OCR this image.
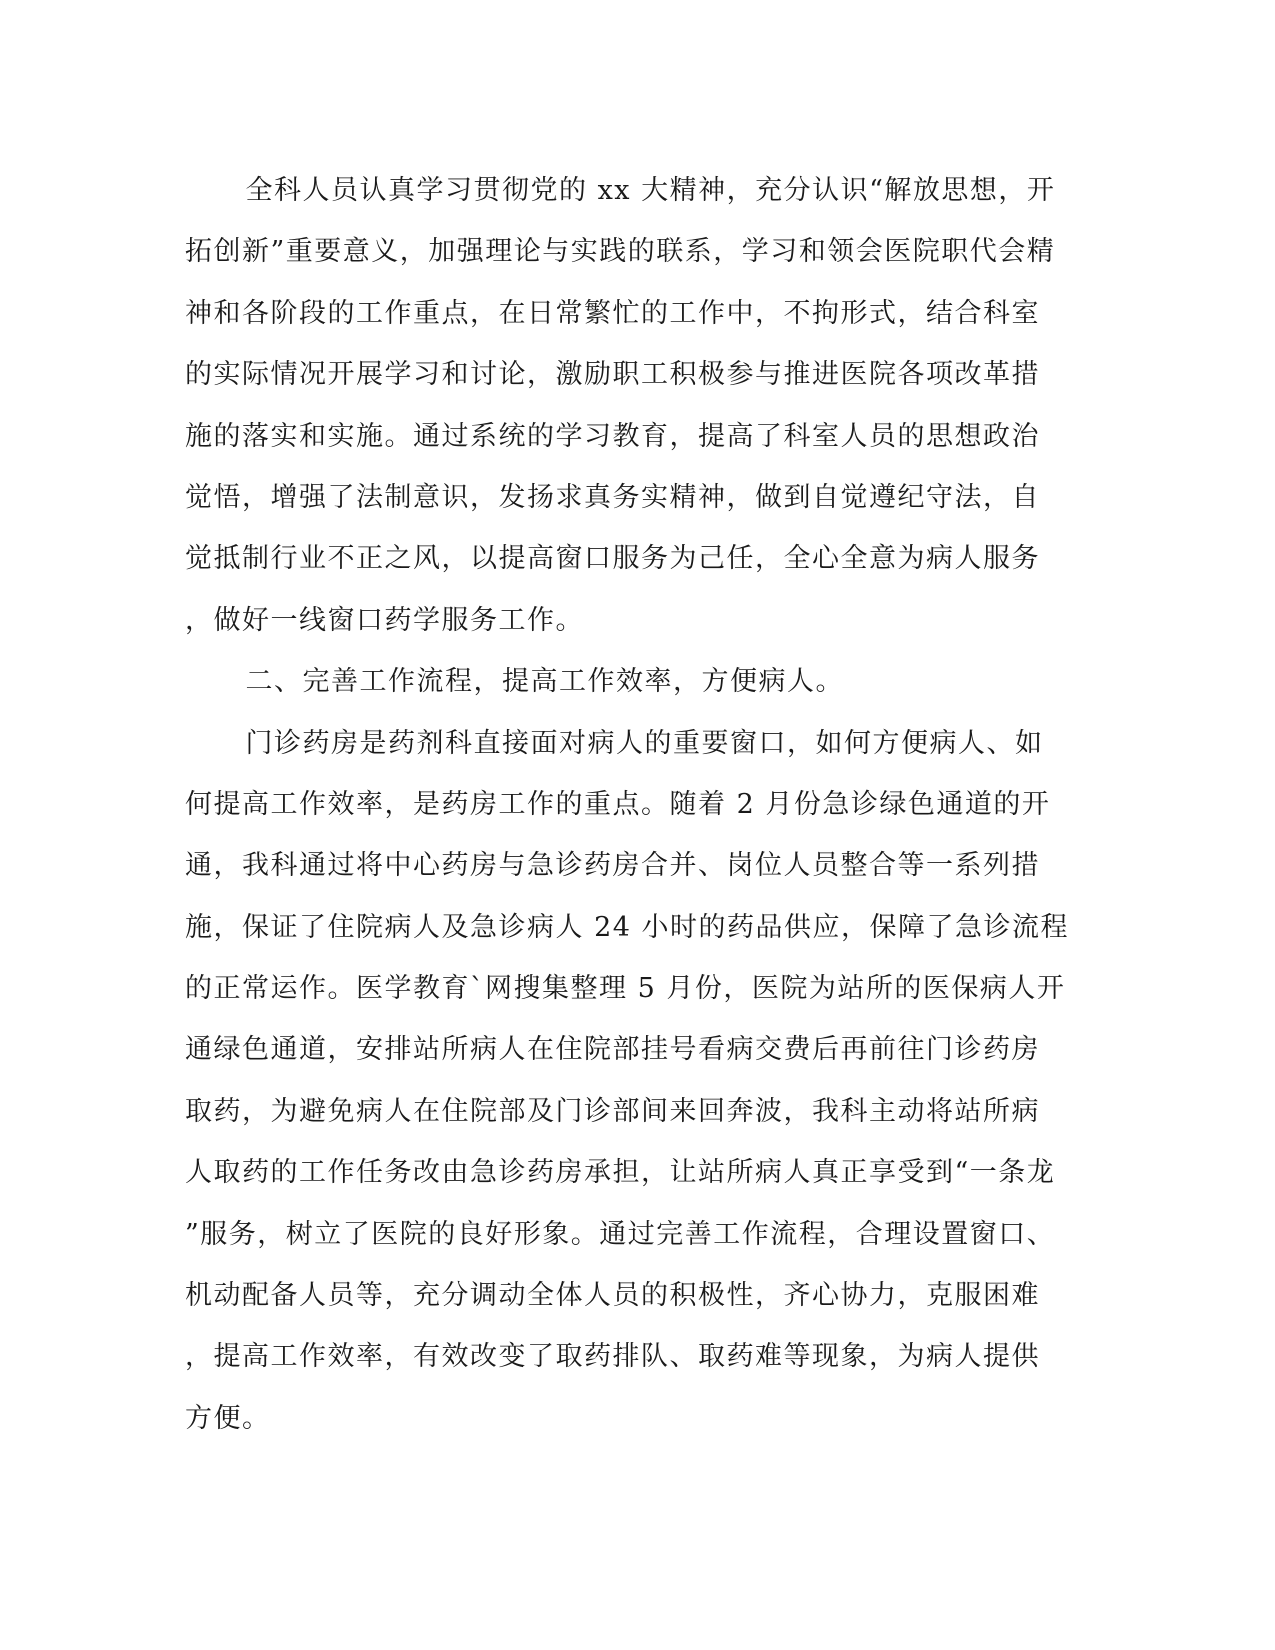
全科人员认真学习贯彻党的 xx 大精神，充分认识“解放思想，开
拓创新”重要意义，加强理论与实践的联系，学习和领会医院职代会精
神和各阶段的工作重点，在日常繁忙的工作中，不拘形式，结合科室
的实际情况开展学习和讨论，激励职工积极参与推进医院各项改革措
施的落实和实施。通过系统的学习教育，提高了科室人员的思想政治
觉悟，增强了法制意识，发扬求真务实精神，做到自觉遵纪守法，自
觉抵制行业不正之风，以提高窗口服务为己任，全心全意为病人服务
，做好一线窗口药学服务工作。
二、完善工作流程，提高工作效率，方便病人。
门诊药房是药剂科直接面对病人的重要窗口，如何方便病人、如
何提高工作效率，是药房工作的重点。随着 2 月份急诊绿色通道的开
通，我科通过将中心药房与急诊药房合并、岗位人员整合等一系列措
施，保证了住院病人及急诊病人 24 小时的药品供应，保障了急诊流程
的正常运作。医学教育`网搜集整理 5 月份，医院为站所的医保病人开
通绿色通道，安排站所病人在住院部挂号看病交费后再前往门诊药房
取药，为避免病人在住院部及门诊部间来回奔波，我科主动将站所病
人取药的工作任务改由急诊药房承担，让站所病人真正享受到“一条龙
”服务，树立了医院的良好形象。通过完善工作流程，合理设置窗口、
机动配备人员等，充分调动全体人员的积极性，齐心协力，克服困难
，提高工作效率，有效改变了取药排队、取药难等现象，为病人提供
方便。
